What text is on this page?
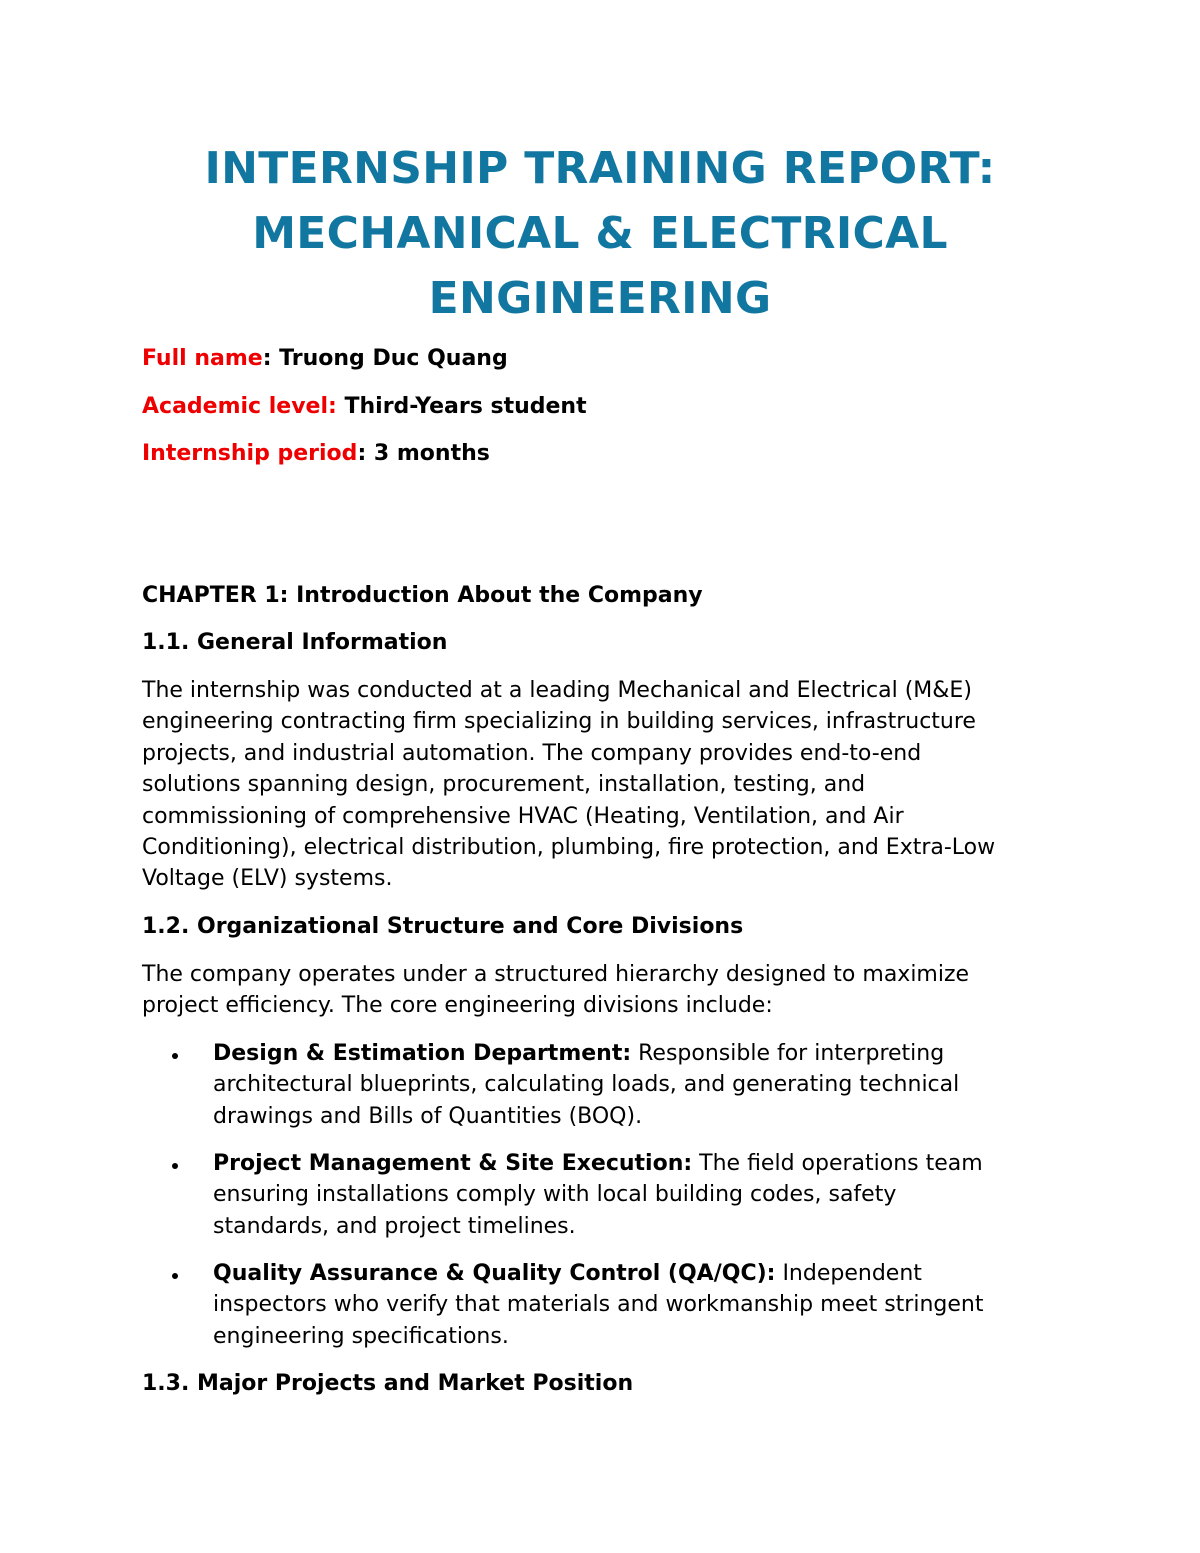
INTERNSHIP TRAINING REPORT:
MECHANICAL & ELECTRICAL
ENGINEERING

Full name: Truong Duc Quang

Academic level: Third-Years student

Internship period: 3 months

CHAPTER 1: Introduction About the Company
1.1. General Information

The internship was conducted at a leading Mechanical and Electrical (M&E)
engineering contracting firm specializing in building services, infrastructure
projects, and industrial automation. The company provides end-to-end
solutions spanning design, procurement, installation, testing, and
commissioning of comprehensive HVAC (Heating, Ventilation, and Air
Conditioning), electrical distribution, plumbing, fire protection, and Extra-Low
Voltage (ELV) systems.

1.2. Organizational Structure and Core Divisions

The company operates under a structured hierarchy designed to maximize
project efficiency. The core engineering divisions include:

Design & Estimation Department: Responsible for interpreting
architectural blueprints, calculating loads, and generating technical
drawings and Bills of Quantities (BOQ).
Project Management & Site Execution: The field operations team
ensuring installations comply with local building codes, safety
standards, and project timelines.
Quality Assurance & Quality Control (QA/QC): Independent
inspectors who verify that materials and workmanship meet stringent
engineering specifications.
1.3. Major Projects and Market Position
